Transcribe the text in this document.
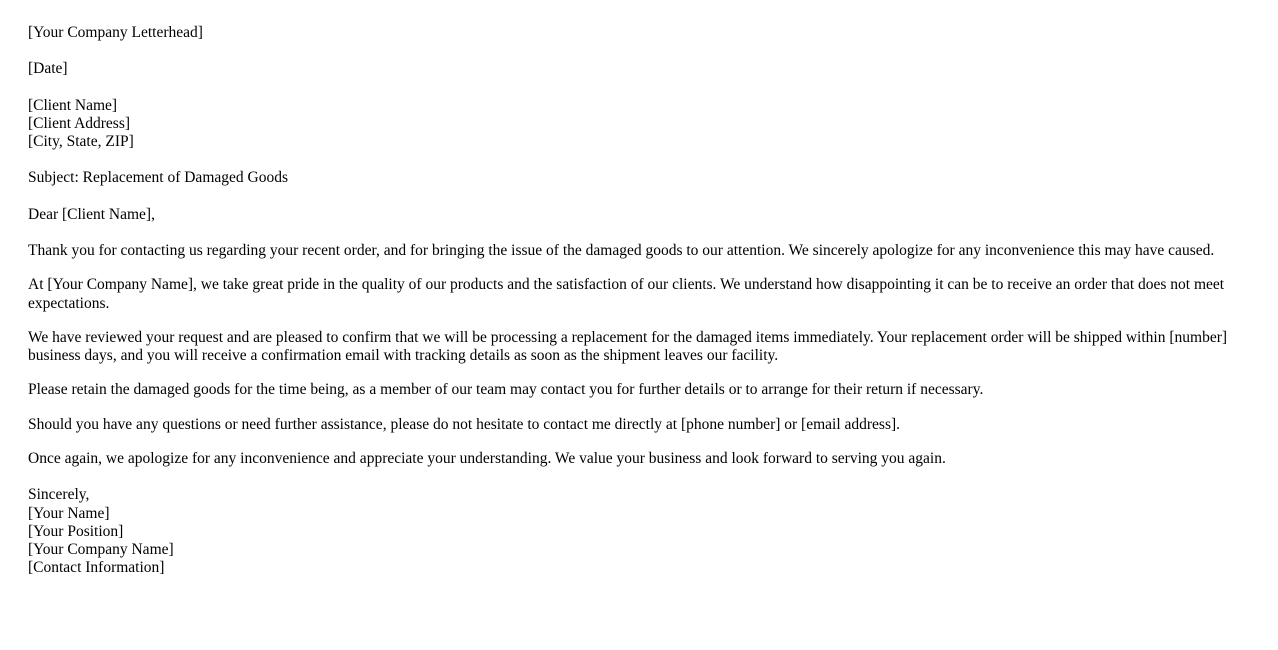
[Your Company Letterhead]
[Date]
[Client Name]
[Client Address]
[City, State, ZIP]
Subject: Replacement of Damaged Goods
Dear [Client Name],

Thank you for contacting us regarding your recent order, and for bringing the issue of the damaged goods to our attention. We sincerely apologize for any inconvenience this may have caused.

At [Your Company Name], we take great pride in the quality of our products and the satisfaction of our clients. We understand how disappointing it can be to receive an order that does not meet expectations.

We have reviewed your request and are pleased to confirm that we will be processing a replacement for the damaged items immediately. Your replacement order will be shipped within [number] business days, and you will receive a confirmation email with tracking details as soon as the shipment leaves our facility.

Please retain the damaged goods for the time being, as a member of our team may contact you for further details or to arrange for their return if necessary.

Should you have any questions or need further assistance, please do not hesitate to contact me directly at [phone number] or [email address].

Once again, we apologize for any inconvenience and appreciate your understanding. We value your business and look forward to serving you again.

Sincerely,
[Your Name]
[Your Position]
[Your Company Name]
[Contact Information]
